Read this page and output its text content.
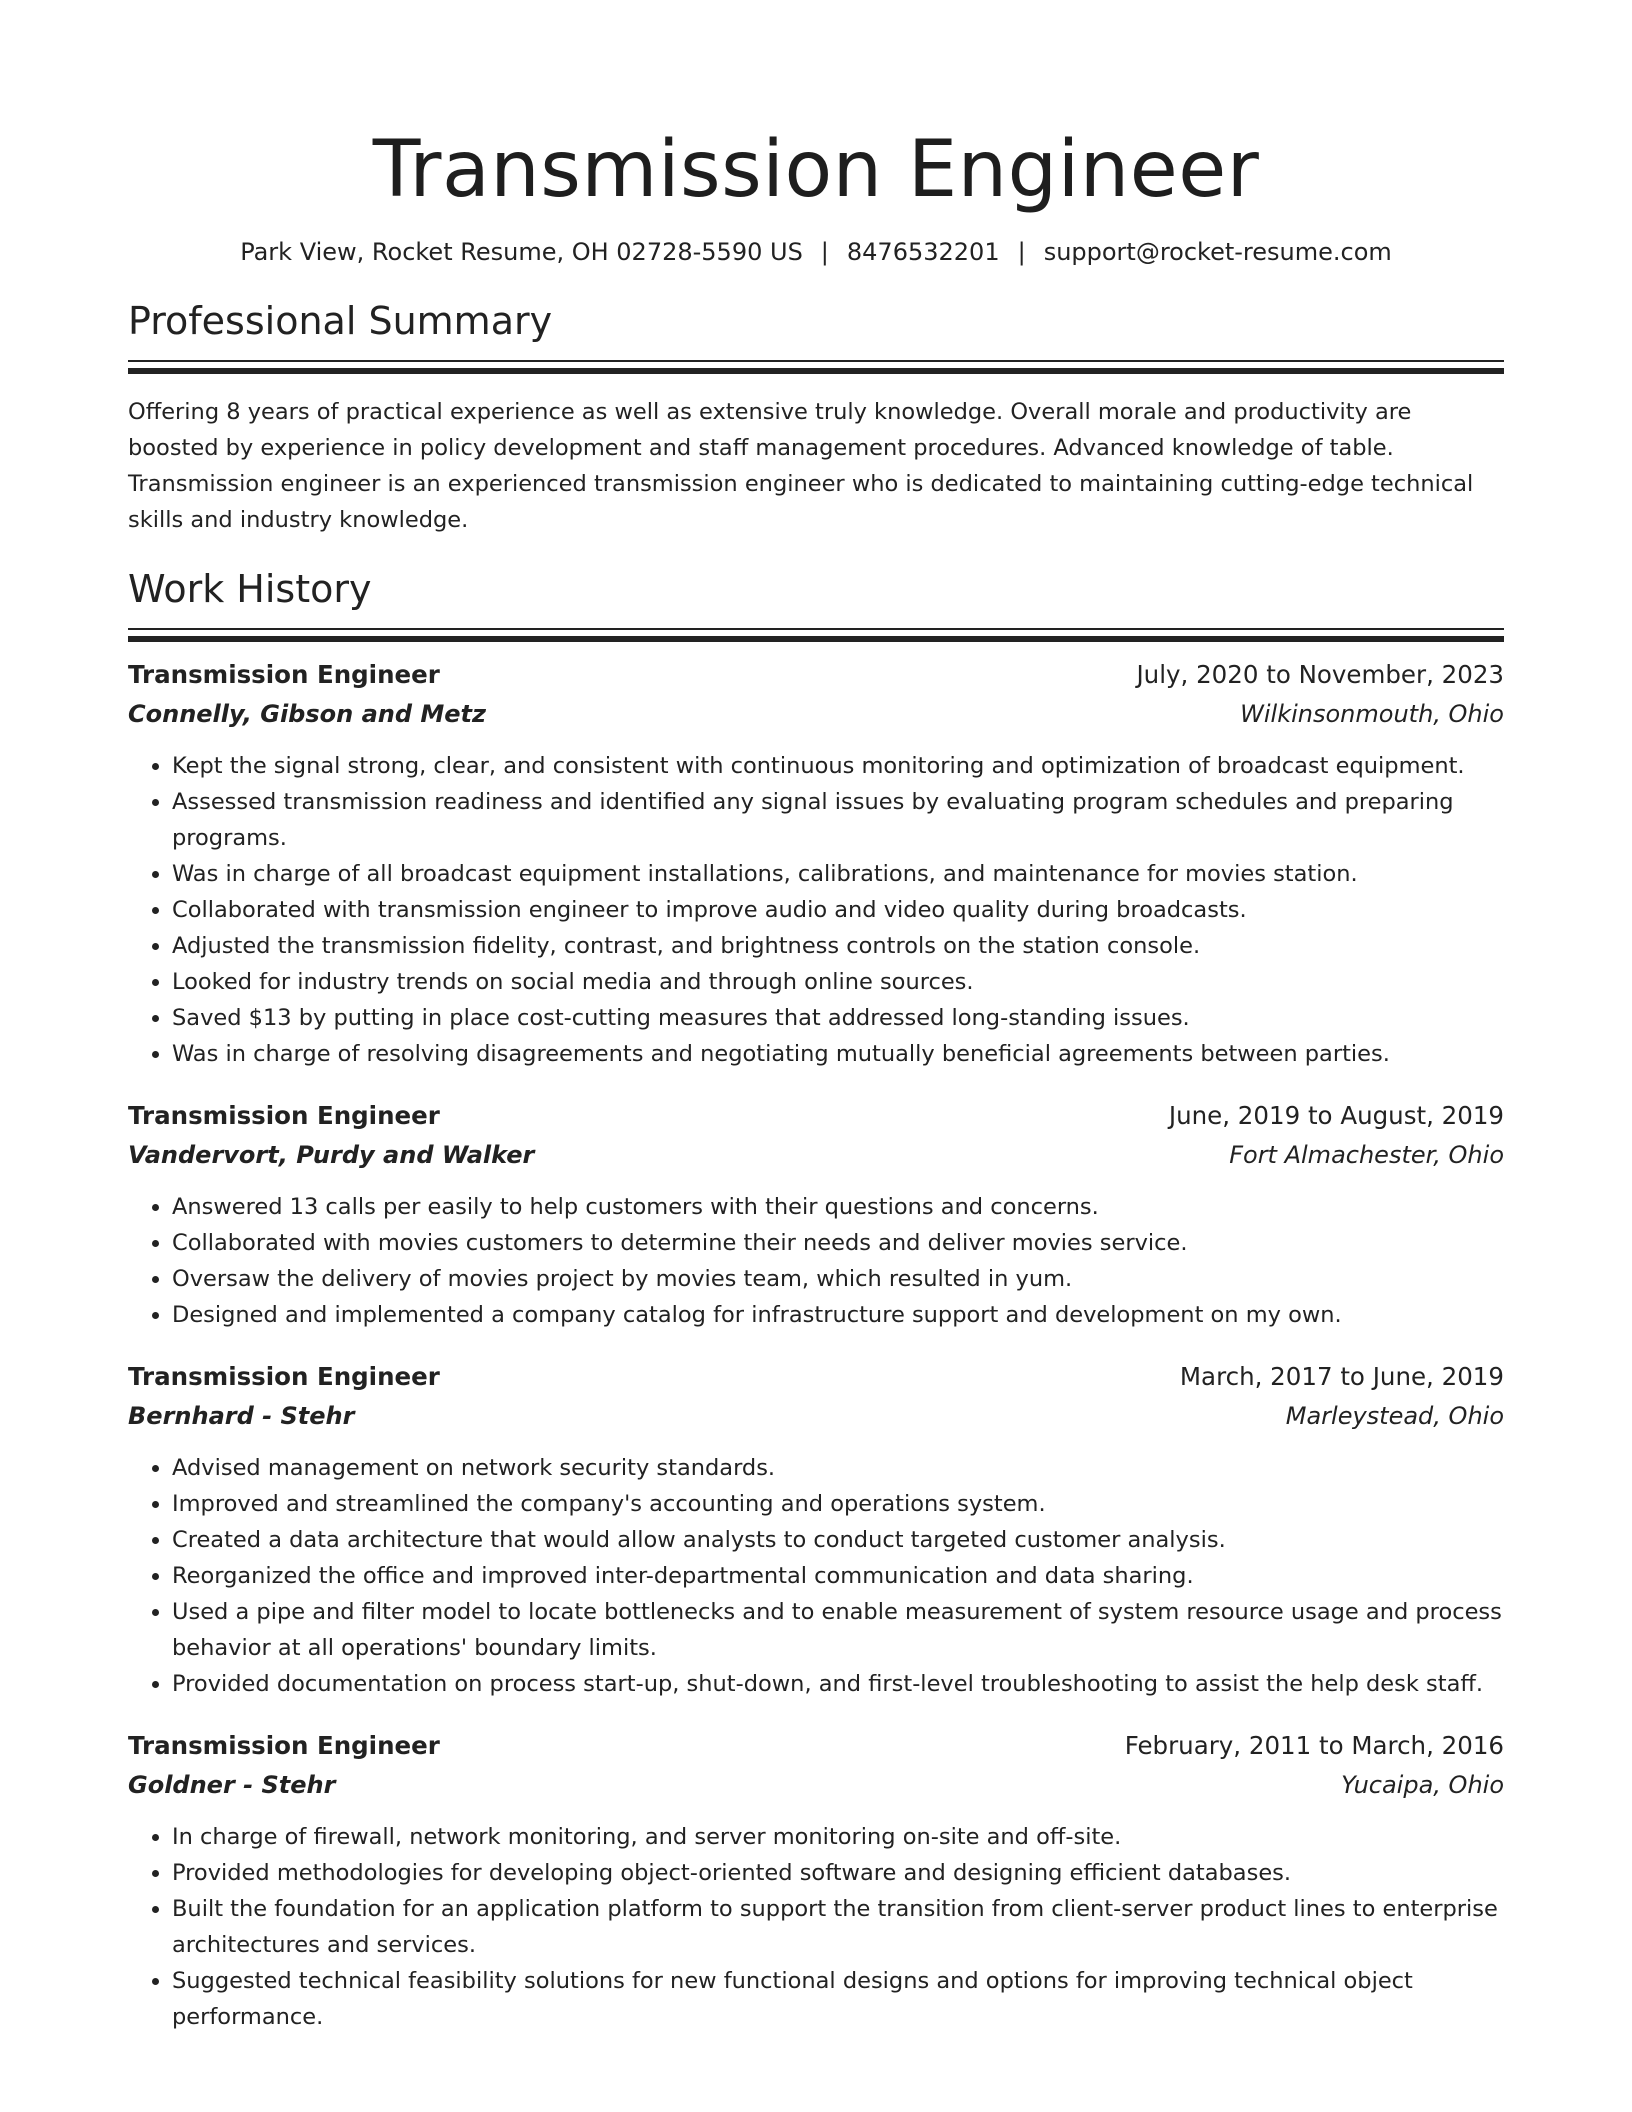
Transmission Engineer
Park View, Rocket Resume, OH 02728-5590 US | 8476532201 | support@rocket-resume.com
Professional Summary

Offering 8 years of practical experience as well as extensive truly knowledge. Overall morale and productivity are boosted by experience in policy development and staff management procedures. Advanced knowledge of table. Transmission engineer is an experienced transmission engineer who is dedicated to maintaining cutting-edge technical skills and industry knowledge.

Work History
Transmission Engineer	July, 2020 to November, 2023
Connelly, Gibson and Metz	Wilkinsonmouth, Ohio
• Kept the signal strong, clear, and consistent with continuous monitoring and optimization of broadcast equipment.
• Assessed transmission readiness and identified any signal issues by evaluating program schedules and preparing programs.
• Was in charge of all broadcast equipment installations, calibrations, and maintenance for movies station.
• Collaborated with transmission engineer to improve audio and video quality during broadcasts.
• Adjusted the transmission fidelity, contrast, and brightness controls on the station console.
• Looked for industry trends on social media and through online sources.
• Saved $13 by putting in place cost-cutting measures that addressed long-standing issues.
• Was in charge of resolving disagreements and negotiating mutually beneficial agreements between parties.
Transmission Engineer	June, 2019 to August, 2019
Vandervort, Purdy and Walker	Fort Almachester, Ohio
• Answered 13 calls per easily to help customers with their questions and concerns.
• Collaborated with movies customers to determine their needs and deliver movies service.
• Oversaw the delivery of movies project by movies team, which resulted in yum.
• Designed and implemented a company catalog for infrastructure support and development on my own.
Transmission Engineer	March, 2017 to June, 2019
Bernhard - Stehr	Marleystead, Ohio
• Advised management on network security standards.
• Improved and streamlined the company's accounting and operations system.
• Created a data architecture that would allow analysts to conduct targeted customer analysis.
• Reorganized the office and improved inter-departmental communication and data sharing.
• Used a pipe and filter model to locate bottlenecks and to enable measurement of system resource usage and process behavior at all operations' boundary limits.
• Provided documentation on process start-up, shut-down, and first-level troubleshooting to assist the help desk staff.
Transmission Engineer	February, 2011 to March, 2016
Goldner - Stehr	Yucaipa, Ohio
• In charge of firewall, network monitoring, and server monitoring on-site and off-site.
• Provided methodologies for developing object-oriented software and designing efficient databases.
• Built the foundation for an application platform to support the transition from client-server product lines to enterprise architectures and services.
• Suggested technical feasibility solutions for new functional designs and options for improving technical object performance.
